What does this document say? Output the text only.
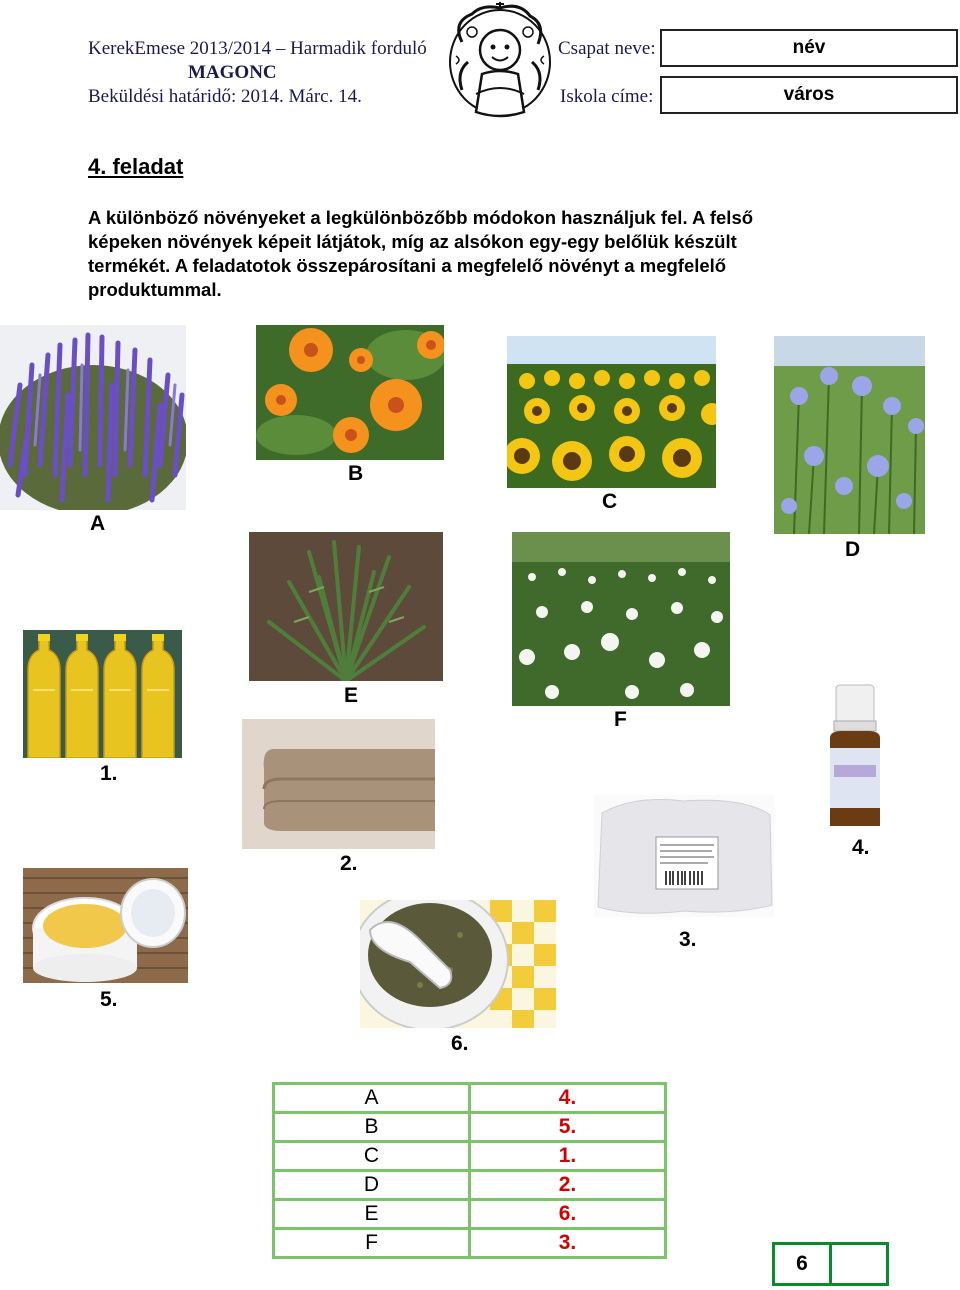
KerekEmese 2013/2014 – Harmadik forduló
MAGONC
Beküldési határidő: 2014. Márc. 14.
Csapat neve:	név
Iskola címe:	város
4. feladat
A különböző növényeket a legkülönbözőbb módokon használjuk fel. A felső
képeken növények képeit látjátok, míg az alsókon egy-egy belőlük készült
termékét. A feladatotok összepárosítani a megfelelő növényt a megfelelő
produktummal.
A
B
C
D
E
F
1.
2.
3.
4.
5.
6.
A	4.
B	5.
C	1.
D	2.
E	6.
F	3.
6	
